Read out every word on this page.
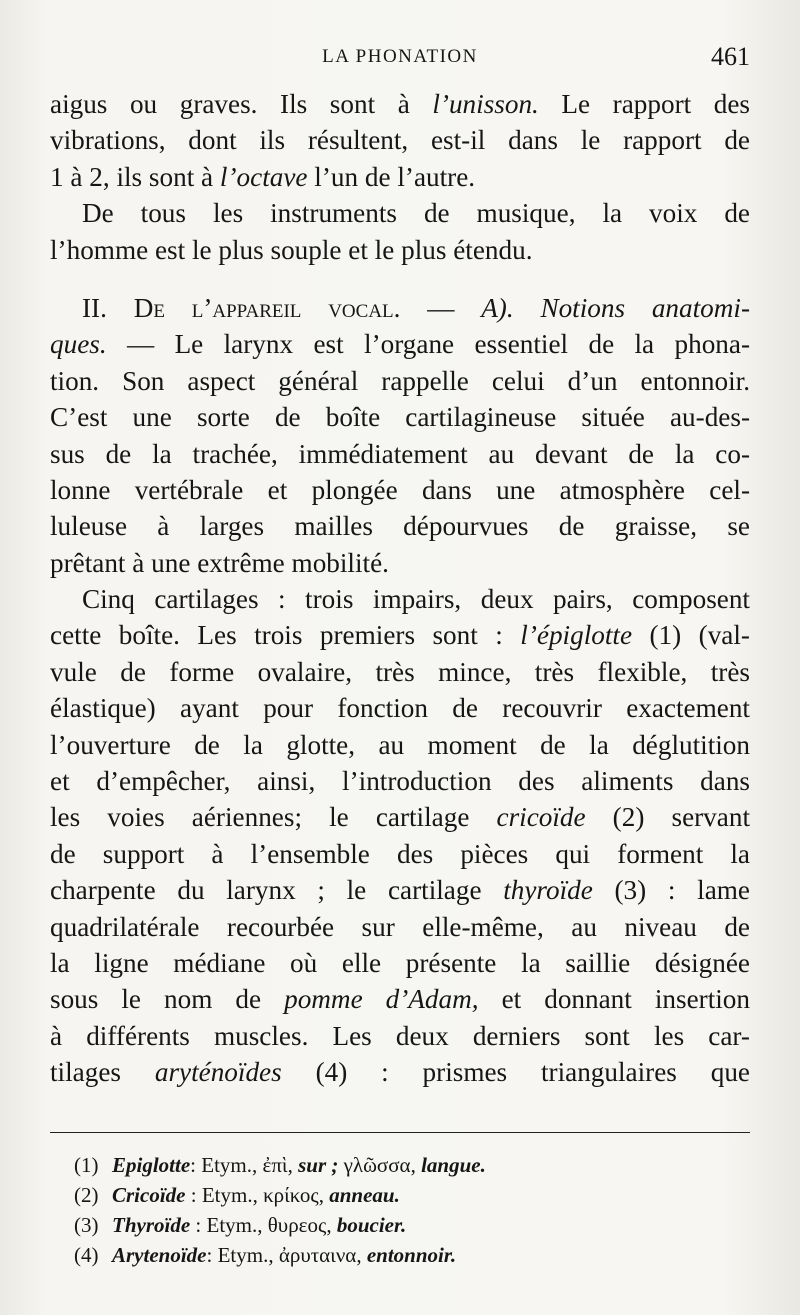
LA PHONATION	461
aigus ou graves. Ils sont à l’unisson. Le rapport des
vibrations, dont ils résultent, est-il dans le rapport de
1 à 2, ils sont à l’octave l’un de l’autre.
De tous les instruments de musique, la voix de
l’homme est le plus souple et le plus étendu.
II. De l’appareil vocal. — A). Notions anatomi-
ques. — Le larynx est l’organe essentiel de la phona-
tion. Son aspect général rappelle celui d’un entonnoir.
C’est une sorte de boîte cartilagineuse située au-des-
sus de la trachée, immédiatement au devant de la co-
lonne vertébrale et plongée dans une atmosphère cel-
luleuse à larges mailles dépourvues de graisse, se
prêtant à une extrême mobilité.
Cinq cartilages : trois impairs, deux pairs, composent
cette boîte. Les trois premiers sont : l’épiglotte (1) (val-
vule de forme ovalaire, très mince, très flexible, très
élastique) ayant pour fonction de recouvrir exactement
l’ouverture de la glotte, au moment de la déglutition
et d’empêcher, ainsi, l’introduction des aliments dans
les voies aériennes; le cartilage cricoïde (2) servant
de support à l’ensemble des pièces qui forment la
charpente du larynx ; le cartilage thyroïde (3) : lame
quadrilatérale recourbée sur elle-même, au niveau de
la ligne médiane où elle présente la saillie désignée
sous le nom de pomme d’Adam, et donnant insertion
à différents muscles. Les deux derniers sont les car-
tilages aryténoïdes (4) : prismes triangulaires que
(1) Epiglotte: Etym., ἐπὶ, sur ; γλῶσσα, langue.
(2) Cricoïde : Etym., κρίκος, anneau.
(3) Thyroïde : Etym., θυρεος, boucier.
(4) Arytenoïde: Etym., ἀρυταινα, entonnoir.
